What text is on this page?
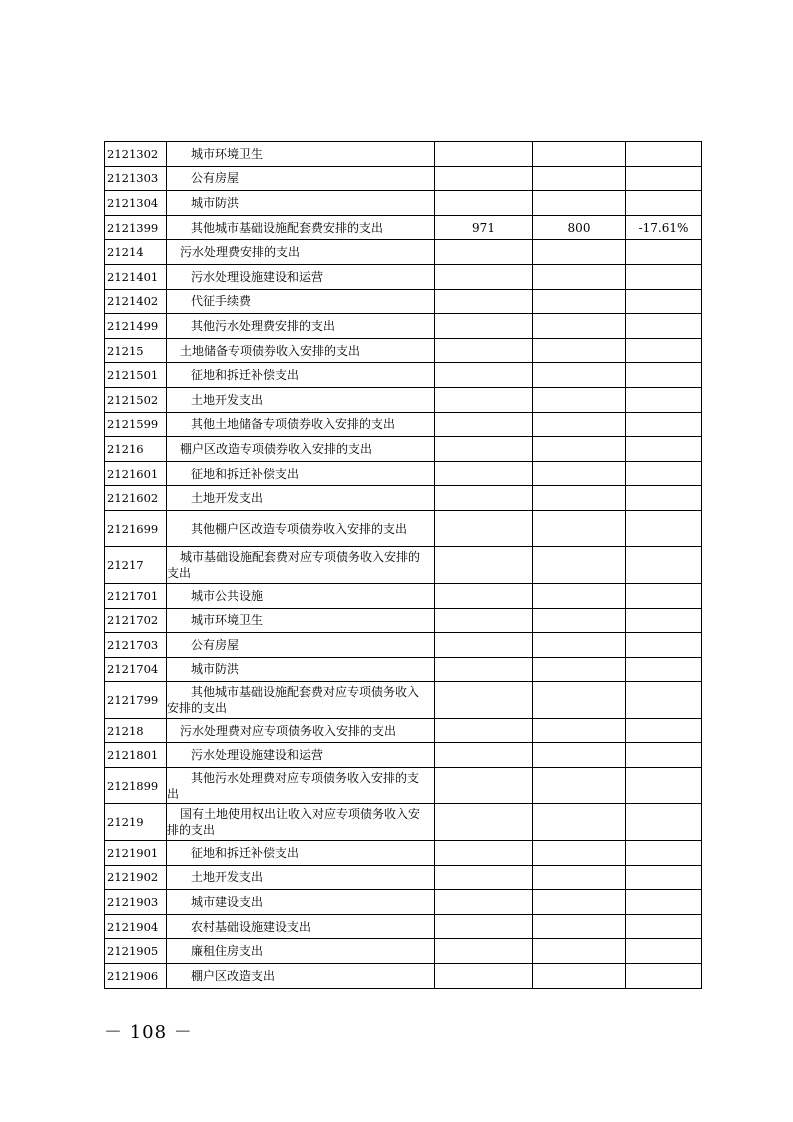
2121302	城市环境卫生			

2121303	公有房屋			

2121304	城市防洪			

2121399	其他城市基础设施配套费安排的支出	971	800	-17.61%
21214	污水处理费安排的支出			

2121401	污水处理设施建设和运营			

2121402	代征手续费			

2121499	其他污水处理费安排的支出			

21215	土地储备专项债券收入安排的支出			

2121501	征地和拆迁补偿支出			

2121502	土地开发支出			

2121599	其他土地储备专项债券收入安排的支出			

21216	棚户区改造专项债券收入安排的支出			

2121601	征地和拆迁补偿支出			

2121602	土地开发支出			

2121699	其他棚户区改造专项债券收入安排的支出			

21217	城市基础设施配套费对应专项债务收入安排的支出			

2121701	城市公共设施			

2121702	城市环境卫生			

2121703	公有房屋			

2121704	城市防洪			

2121799	其他城市基础设施配套费对应专项债务收入安排的支出			

21218	污水处理费对应专项债务收入安排的支出			

2121801	污水处理设施建设和运营			

2121899	其他污水处理费对应专项债务收入安排的支出			

21219	国有土地使用权出让收入对应专项债务收入安排的支出			

2121901	征地和拆迁补偿支出			

2121902	土地开发支出			

2121903	城市建设支出			

2121904	农村基础设施建设支出			

2121905	廉租住房支出			

2121906	棚户区改造支出			

－ 108 －
